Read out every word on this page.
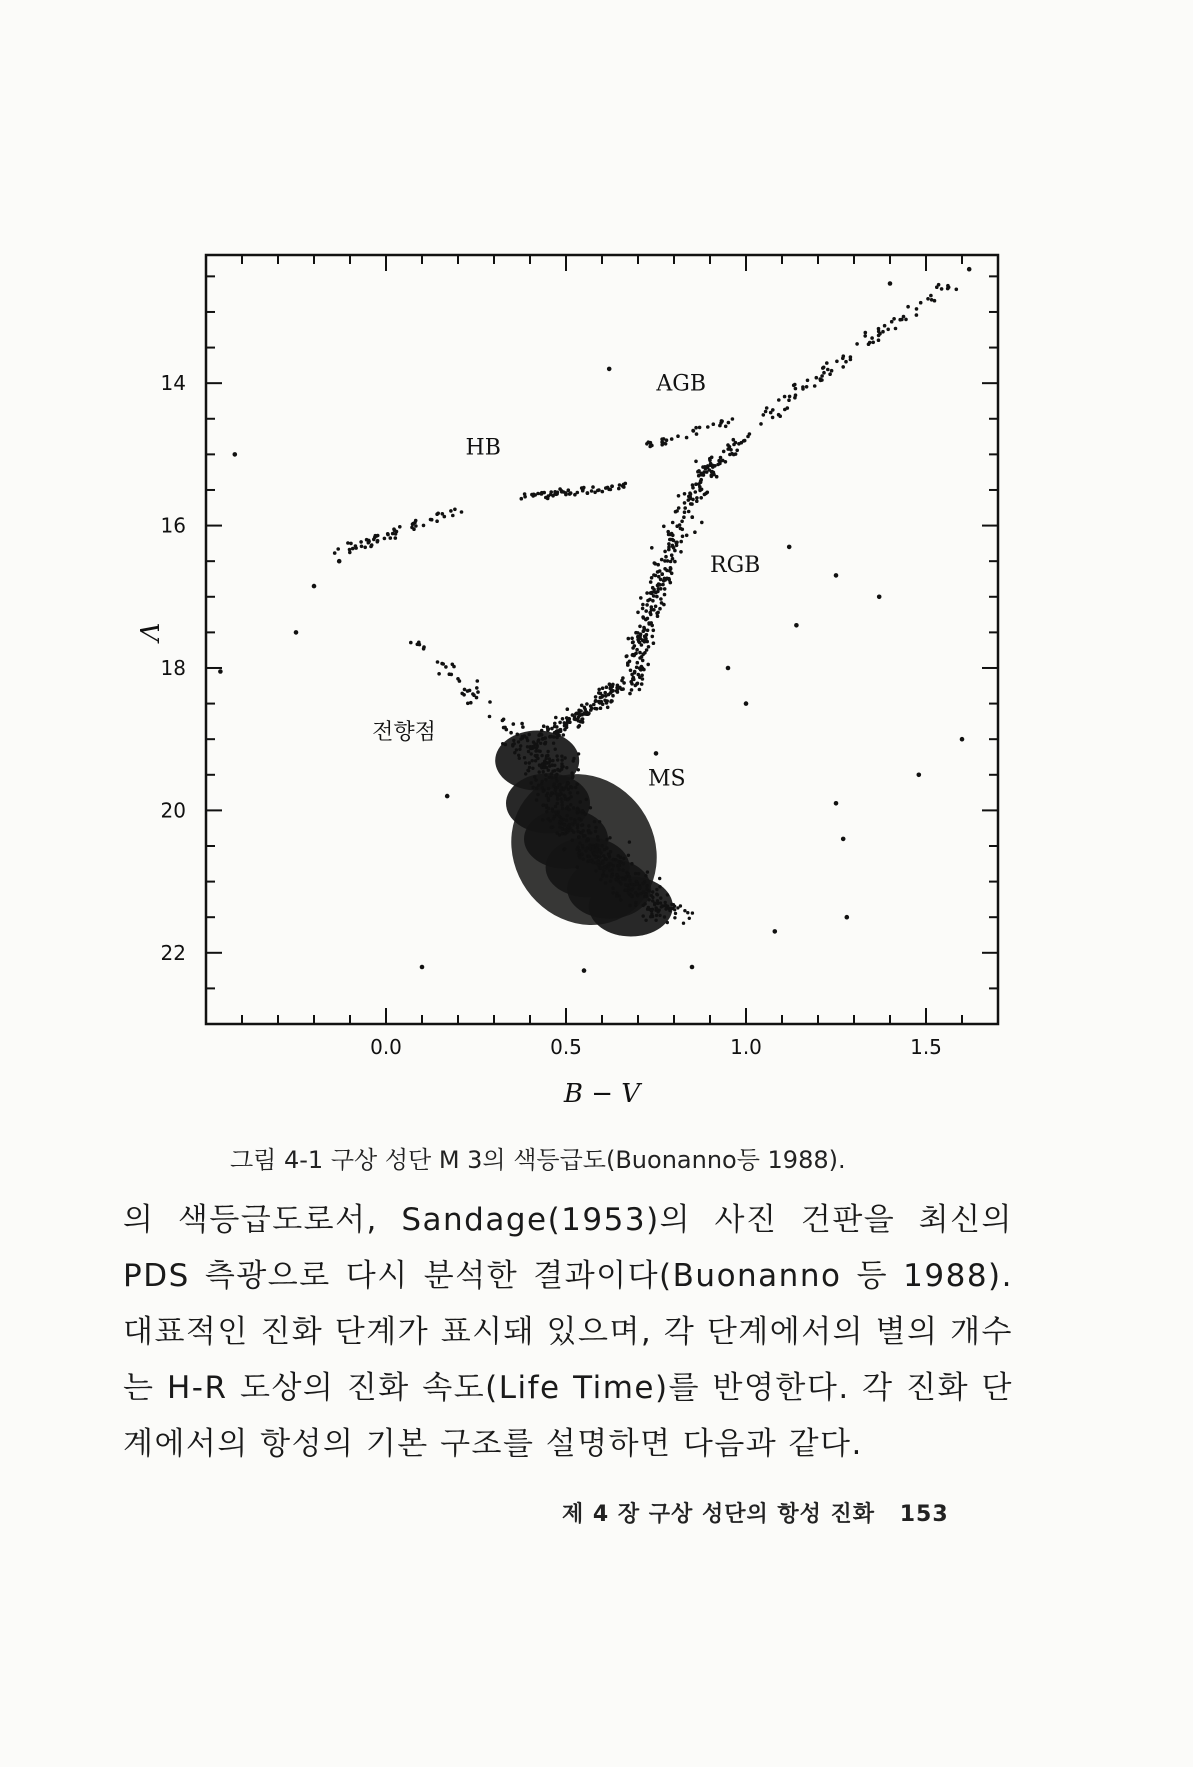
0.0	0.5	1.0	1.5
14
16
18
20
22
AGB
HB
RGB
전향점
MS
B − V
V
그림 4-1 구상 성단 M 3의 색등급도(Buonanno등 1988).
의 색등급도로서, Sandage(1953)의 사진 건판을 최신의 PDS 측광으로 다시 분석한 결과이다(Buonanno 등 1988). 대표적인 진화 단계가 표시돼 있으며, 각 단계에서의 별의 개수는 H-R 도상의 진화 속도(Life Time)를 반영한다. 각 진화 단계에서의 항성의 기본 구조를 설명하면 다음과 같다.
제 4 장 구상 성단의 항성 진화 153
